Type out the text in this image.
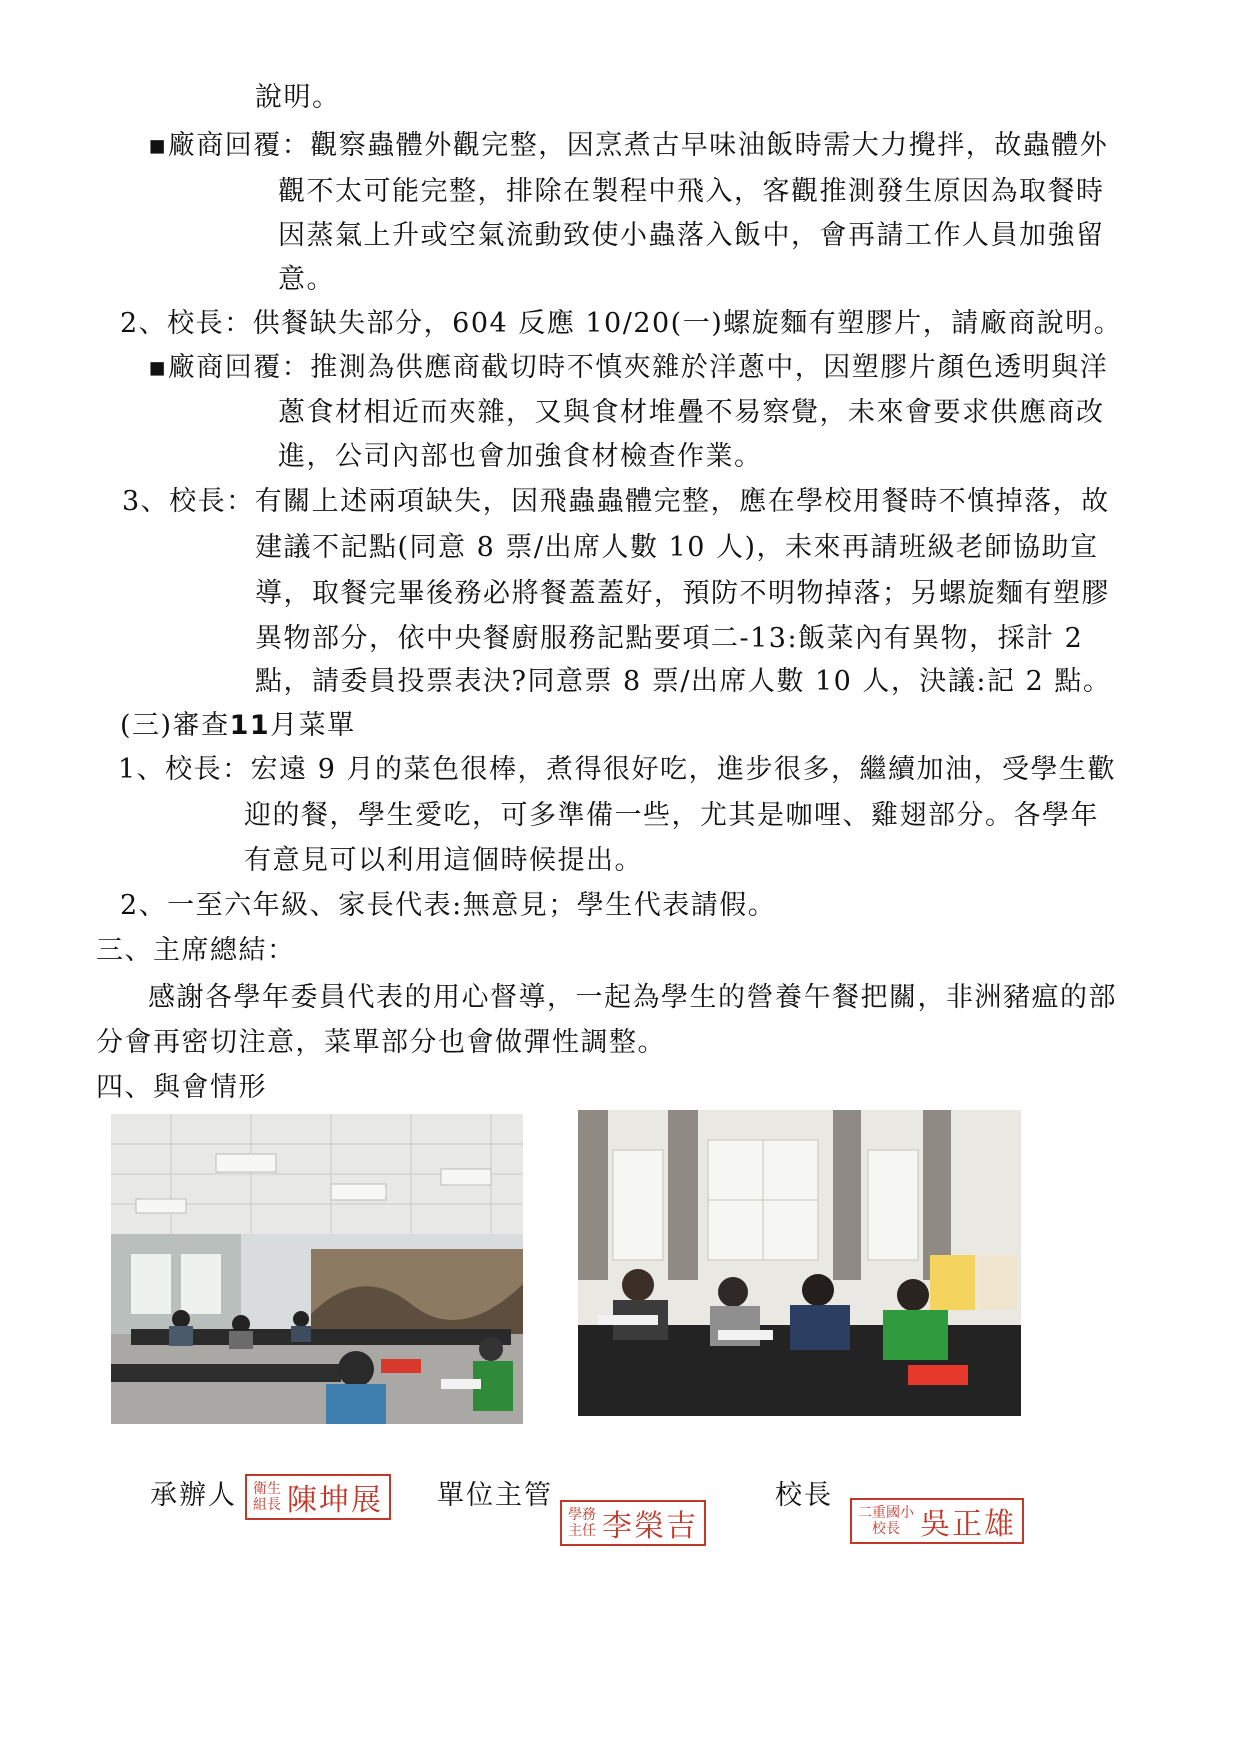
說明。
▪廠商回覆：觀察蟲體外觀完整，因烹煮古早味油飯時需大力攪拌，故蟲體外
觀不太可能完整，排除在製程中飛入，客觀推測發生原因為取餐時
因蒸氣上升或空氣流動致使小蟲落入飯中，會再請工作人員加強留
意。
2、校長：供餐缺失部分，604 反應 10/20(一)螺旋麵有塑膠片，請廠商說明。
▪廠商回覆：推測為供應商截切時不慎夾雜於洋蔥中，因塑膠片顏色透明與洋
蔥食材相近而夾雜，又與食材堆疊不易察覺，未來會要求供應商改
進，公司內部也會加強食材檢查作業。
3、校長：有關上述兩項缺失，因飛蟲蟲體完整，應在學校用餐時不慎掉落，故
建議不記點(同意 8 票/出席人數 10 人)，未來再請班級老師協助宣
導，取餐完畢後務必將餐蓋蓋好，預防不明物掉落；另螺旋麵有塑膠
異物部分，依中央餐廚服務記點要項二-13:飯菜內有異物，採計 2
點，請委員投票表決?同意票 8 票/出席人數 10 人，決議:記 2 點。
(三)審查11月菜單
1、校長：宏遠 9 月的菜色很棒，煮得很好吃，進步很多，繼續加油，受學生歡
迎的餐，學生愛吃，可多準備一些，尤其是咖哩、雞翅部分。各學年
有意見可以利用這個時候提出。
2、一至六年級、家長代表:無意見；學生代表請假。
三、主席總結：
感謝各學年委員代表的用心督導，一起為學生的營養午餐把關，非洲豬瘟的部
分會再密切注意，菜單部分也會做彈性調整。
四、與會情形
承辦人 衛生
組長 陳坤展 單位主管
學務
主任 李榮吉
校長
二重國小
校長 吳正雄
